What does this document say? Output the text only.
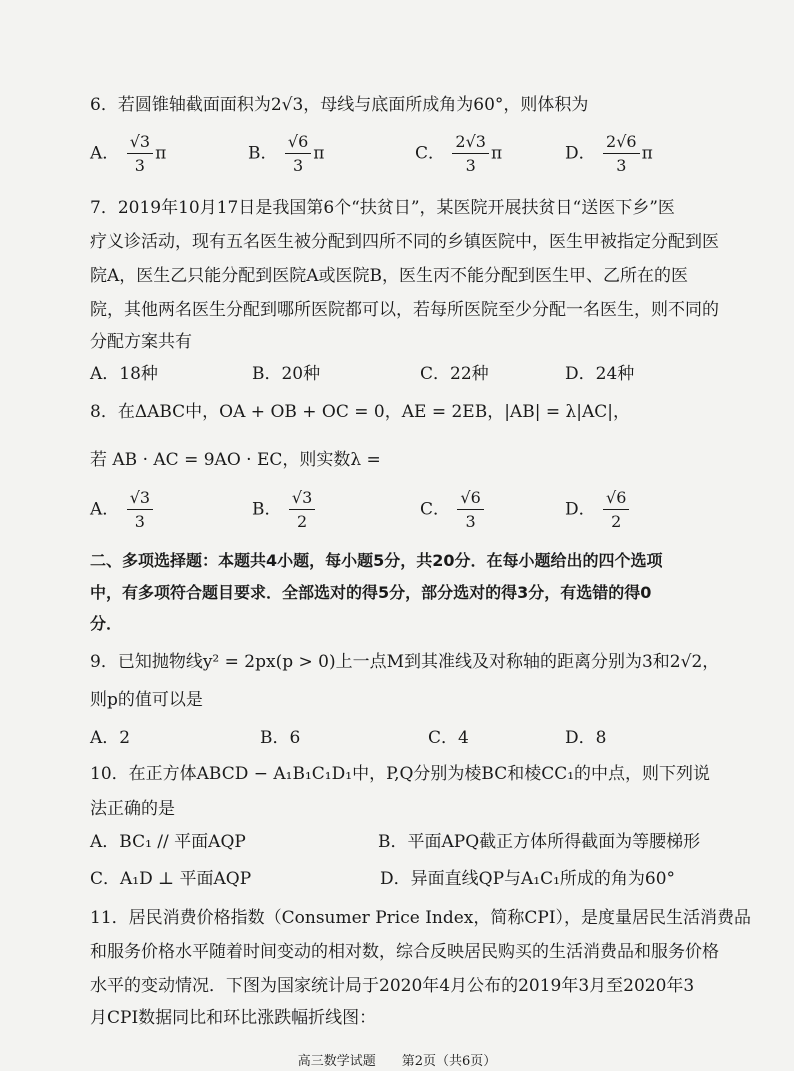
6．若圆锥轴截面面积为2√3，母线与底面所成角为60°，则体积为
A． $\frac{√3}{3}$ π	B． $\frac{√6}{3}$ π	C． $\frac{2√3}{3}$ π	D． $\frac{2√6}{3}$ π
7．2019年10月17日是我国第6个“扶贫日”，某医院开展扶贫日“送医下乡”医
疗义诊活动，现有五名医生被分配到四所不同的乡镇医院中，医生甲被指定分配到医
院A，医生乙只能分配到医院A或医院B，医生丙不能分配到医生甲、乙所在的医
院，其他两名医生分配到哪所医院都可以，若每所医院至少分配一名医生，则不同的
分配方案共有
A．18种	B．20种	C．22种	D．24种
8．在ΔABC中，OA + OB + OC = 0，AE = 2EB，|AB| = λ|AC|，
若 AB · AC = 9AO · EC，则实数λ =
A． $\frac{√3}{3}$	B． $\frac{√3}{2}$	C． $\frac{√6}{3}$	D． $\frac{√6}{2}$
二、多项选择题：本题共4小题，每小题5分，共20分．在每小题给出的四个选项
中，有多项符合题目要求．全部选对的得5分，部分选对的得3分，有选错的得0
分．
9．已知抛物线y² = 2px(p > 0)上一点M到其准线及对称轴的距离分别为3和2√2，
则p的值可以是
A．2	B．6	C．4	D．8
10．在正方体ABCD − A₁B₁C₁D₁中，P,Q分别为棱BC和棱CC₁的中点，则下列说
法正确的是
A．BC₁ // 平面AQP	B．平面APQ截正方体所得截面为等腰梯形
C．A₁D ⊥ 平面AQP	D．异面直线QP与A₁C₁所成的角为60°
11．居民消费价格指数（Consumer Price Index，简称CPI），是度量居民生活消费品
和服务价格水平随着时间变动的相对数，综合反映居民购买的生活消费品和服务价格
水平的变动情况．下图为国家统计局于2020年4月公布的2019年3月至2020年3
月CPI数据同比和环比涨跌幅折线图：
高三数学试题　　第2页（共6页）
